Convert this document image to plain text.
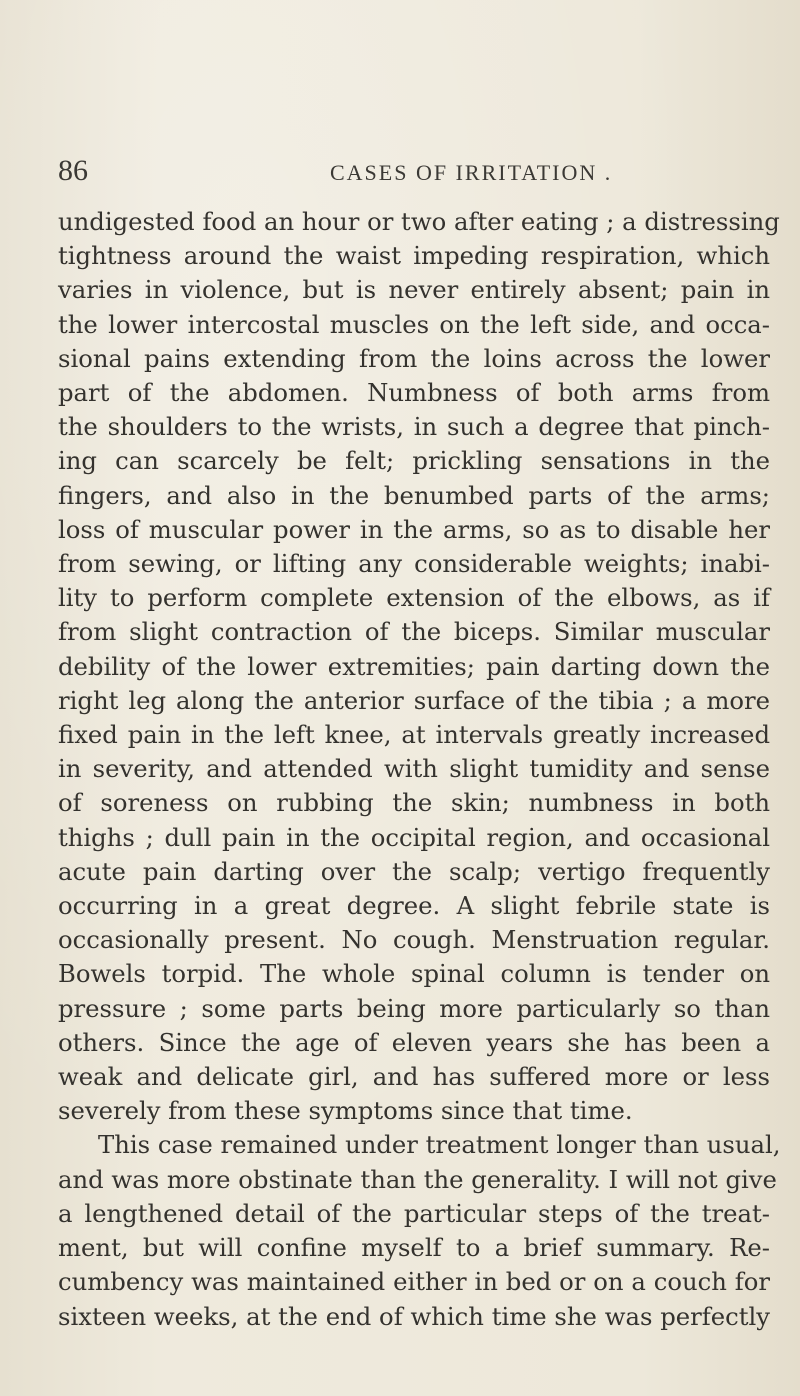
86	CASES OF IRRITATION .
undigested food an hour or two after eating ; a distressing
tightness around the waist impeding respiration, which
varies in violence, but is never entirely absent; pain in
the lower intercostal muscles on the left side, and occa-
sional pains extending from the loins across the lower
part of the abdomen. Numbness of both arms from
the shoulders to the wrists, in such a degree that pinch-
ing can scarcely be felt; prickling sensations in the
fingers, and also in the benumbed parts of the arms;
loss of muscular power in the arms, so as to disable her
from sewing, or lifting any considerable weights; inabi-
lity to perform complete extension of the elbows, as if
from slight contraction of the biceps. Similar muscular
debility of the lower extremities; pain darting down the
right leg along the anterior surface of the tibia ; a more
fixed pain in the left knee, at intervals greatly increased
in severity, and attended with slight tumidity and sense
of soreness on rubbing the skin; numbness in both
thighs ; dull pain in the occipital region, and occasional
acute pain darting over the scalp; vertigo frequently
occurring in a great degree. A slight febrile state is
occasionally present. No cough. Menstruation regular.
Bowels torpid. The whole spinal column is tender on
pressure ; some parts being more particularly so than
others. Since the age of eleven years she has been a
weak and delicate girl, and has suffered more or less
severely from these symptoms since that time.
This case remained under treatment longer than usual,
and was more obstinate than the generality. I will not give
a lengthened detail of the particular steps of the treat-
ment, but will confine myself to a brief summary. Re-
cumbency was maintained either in bed or on a couch for
sixteen weeks, at the end of which time she was perfectly
